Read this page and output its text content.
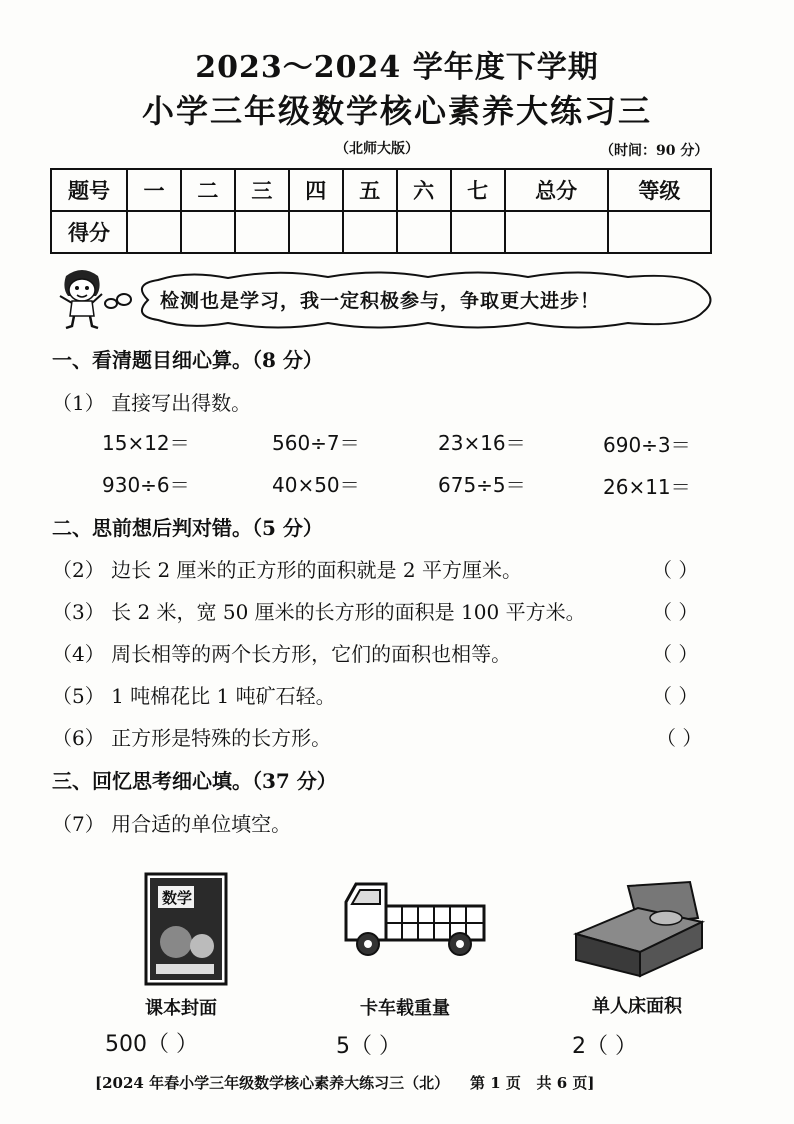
2023～2024 学年度下学期
小学三年级数学核心素养大练习三
（北师大版）	（时间：90 分）
题号	一	二	三	四	五	六	七	总分	等级
得分									
检测也是学习，我一定积极参与，争取更大进步！
一、看清题目细心算。（8 分）
（1） 直接写出得数。
15×12＝	560÷7＝	23×16＝	690÷3＝
930÷6＝	40×50＝	675÷5＝	26×11＝
二、思前想后判对错。（5 分）
（2） 边长 2 厘米的正方形的面积就是 2 平方厘米。	（ ）
（3） 长 2 米，宽 50 厘米的长方形的面积是 100 平方米。	（ ）
（4） 周长相等的两个长方形，它们的面积也相等。	（ ）
（5） 1 吨棉花比 1 吨矿石轻。	（ ）
（6） 正方形是特殊的长方形。	（ ）
三、回忆思考细心填。（37 分）
（7） 用合适的单位填空。
数学
课本封面
500（ ）
卡车载重量
5（ ）
单人床面积
2（ ）
[2024 年春小学三年级数学核心素养大练习三（北） 第 1 页 共 6 页]
